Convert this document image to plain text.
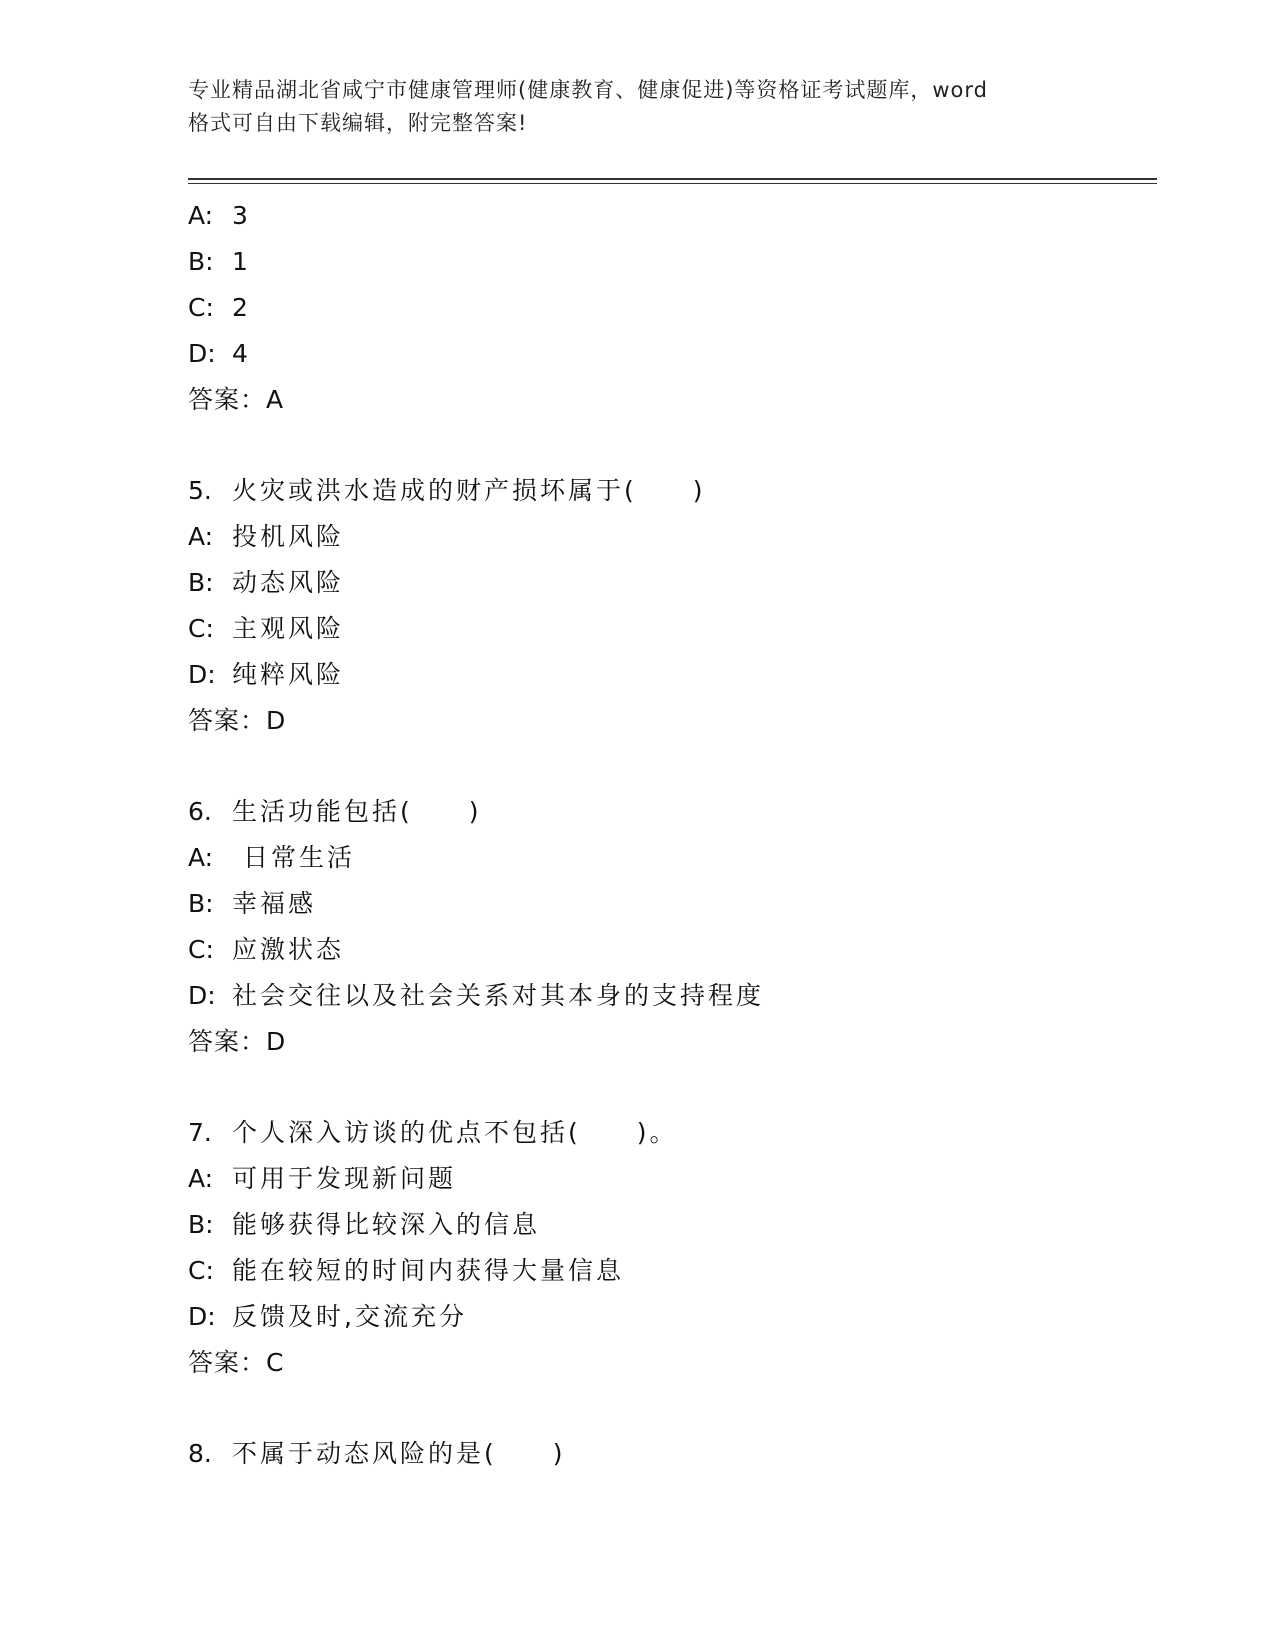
专业精品湖北省咸宁市健康管理师(健康教育、健康促进)等资格证考试题库，word
格式可自由下载编辑，附完整答案!
A: 3
B: 1
C: 2
D: 4
答案：A
5. 火灾或洪水造成的财产损坏属于(　　)
A: 投机风险
B: 动态风险
C: 主观风险
D: 纯粹风险
答案：D
6. 生活功能包括(　　)
A: 日常生活
B: 幸福感
C: 应激状态
D: 社会交往以及社会关系对其本身的支持程度
答案：D
7. 个人深入访谈的优点不包括(　　)。
A: 可用于发现新问题
B: 能够获得比较深入的信息
C: 能在较短的时间内获得大量信息
D: 反馈及时,交流充分
答案：C
8. 不属于动态风险的是(　　)
